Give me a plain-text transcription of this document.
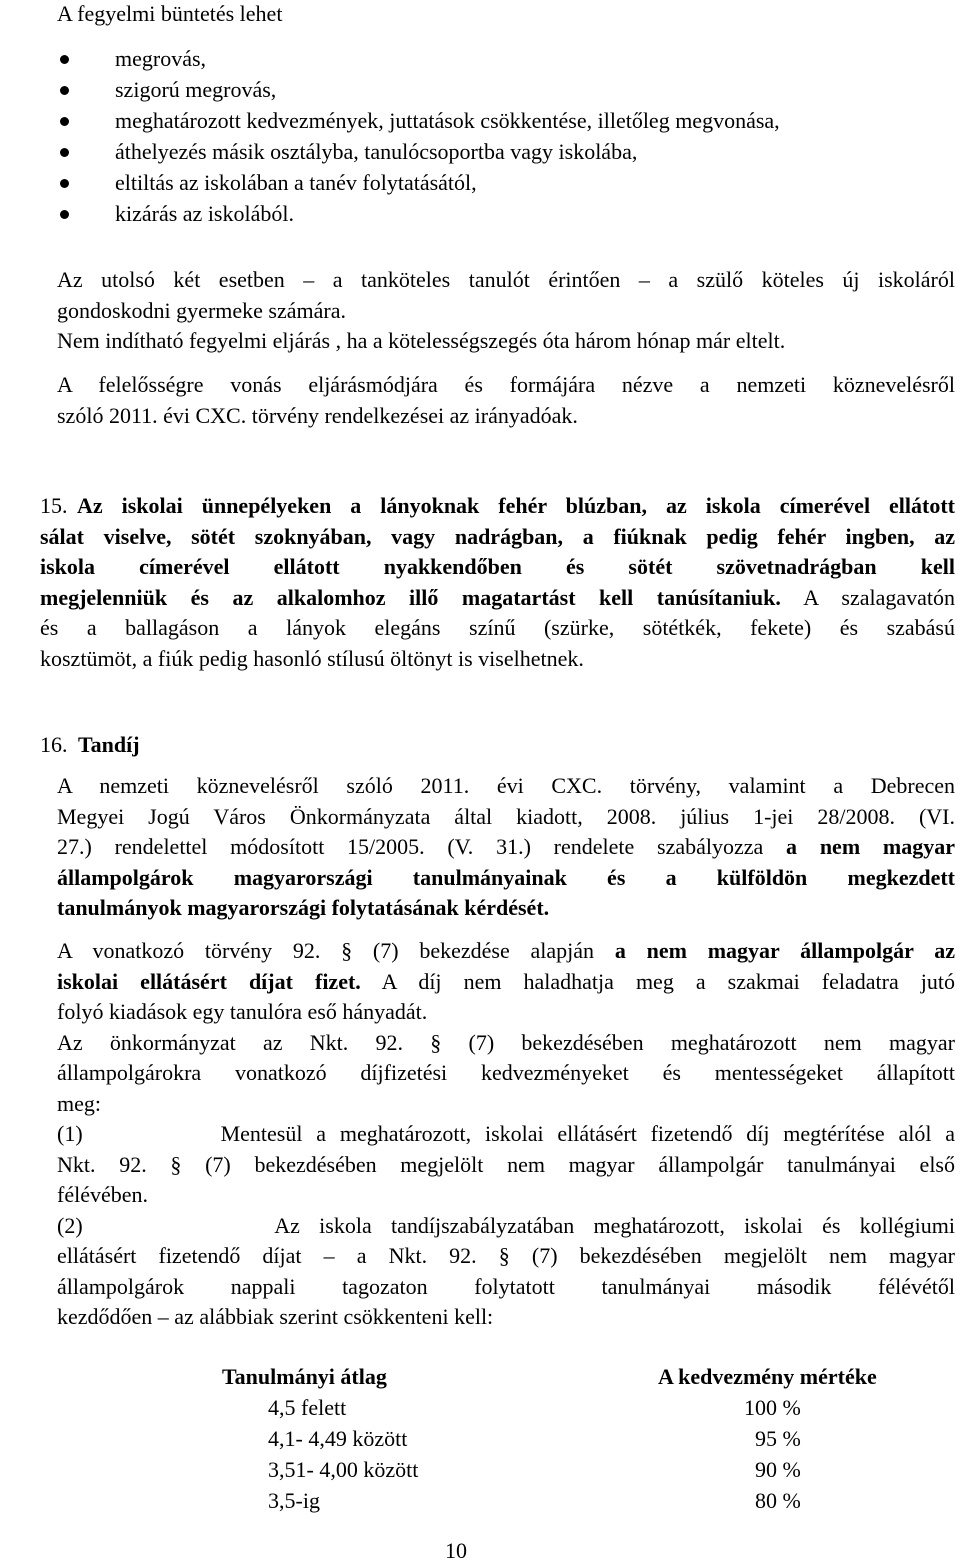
A fegyelmi büntetés lehet
megrovás,
szigorú megrovás,
meghatározott kedvezmények, juttatások csökkentése, illetőleg megvonása,
áthelyezés másik osztályba, tanulócsoportba vagy iskolába,
eltiltás az iskolában a tanév folytatásától,
kizárás az iskolából.
Az utolsó két esetben – a tanköteles tanulót érintően – a szülő köteles új iskoláról
gondoskodni gyermeke számára.
Nem indítható fegyelmi eljárás , ha a kötelességszegés óta három hónap már eltelt.
A felelősségre vonás eljárásmódjára és formájára nézve a nemzeti köznevelésről
szóló 2011. évi CXC. törvény rendelkezései az irányadóak.
15. Az iskolai ünnepélyeken a lányoknak fehér blúzban, az iskola címerével ellátott
sálat viselve, sötét szoknyában, vagy nadrágban, a fiúknak pedig fehér ingben, az
iskola címerével ellátott nyakkendőben és sötét szövetnadrágban kell
megjelenniük és az alkalomhoz illő magatartást kell tanúsítaniuk. A szalagavatón
és a ballagáson a lányok elegáns színű (szürke, sötétkék, fekete) és szabású
kosztümöt, a fiúk pedig hasonló stílusú öltönyt is viselhetnek.
16. Tandíj
A nemzeti köznevelésről szóló 2011. évi CXC. törvény, valamint a Debrecen
Megyei Jogú Város Önkormányzata által kiadott, 2008. július 1-jei 28/2008. (VI.
27.) rendelettel módosított 15/2005. (V. 31.) rendelete szabályozza a nem magyar
állampolgárok magyarországi tanulmányainak és a külföldön megkezdett
tanulmányok magyarországi folytatásának kérdését.
A vonatkozó törvény 92. § (7) bekezdése alapján a nem magyar állampolgár az
iskolai ellátásért díjat fizet. A díj nem haladhatja meg a szakmai feladatra jutó
folyó kiadások egy tanulóra eső hányadát.
Az önkormányzat az Nkt. 92. § (7) bekezdésében meghatározott nem magyar
állampolgárokra vonatkozó díjfizetési kedvezményeket és mentességeket állapított
meg:
(1)          Mentesül a meghatározott, iskolai ellátásért fizetendő díj megtérítése alól a
Nkt. 92. § (7) bekezdésében megjelölt nem magyar állampolgár tanulmányai első
félévében.
(2)          Az iskola tandíjszabályzatában meghatározott, iskolai és kollégiumi
ellátásért fizetendő díjat – a Nkt. 92. § (7) bekezdésében megjelölt nem magyar
állampolgárok nappali tagozaton folytatott tanulmányai második félévétől
kezdődően – az alábbiak szerint csökkenteni kell:
Tanulmányi átlag	A kedvezmény mértéke
4,5 felett	100 %
4,1- 4,49 között	95 %
3,51- 4,00 között	90 %
3,5-ig	80 %
10
